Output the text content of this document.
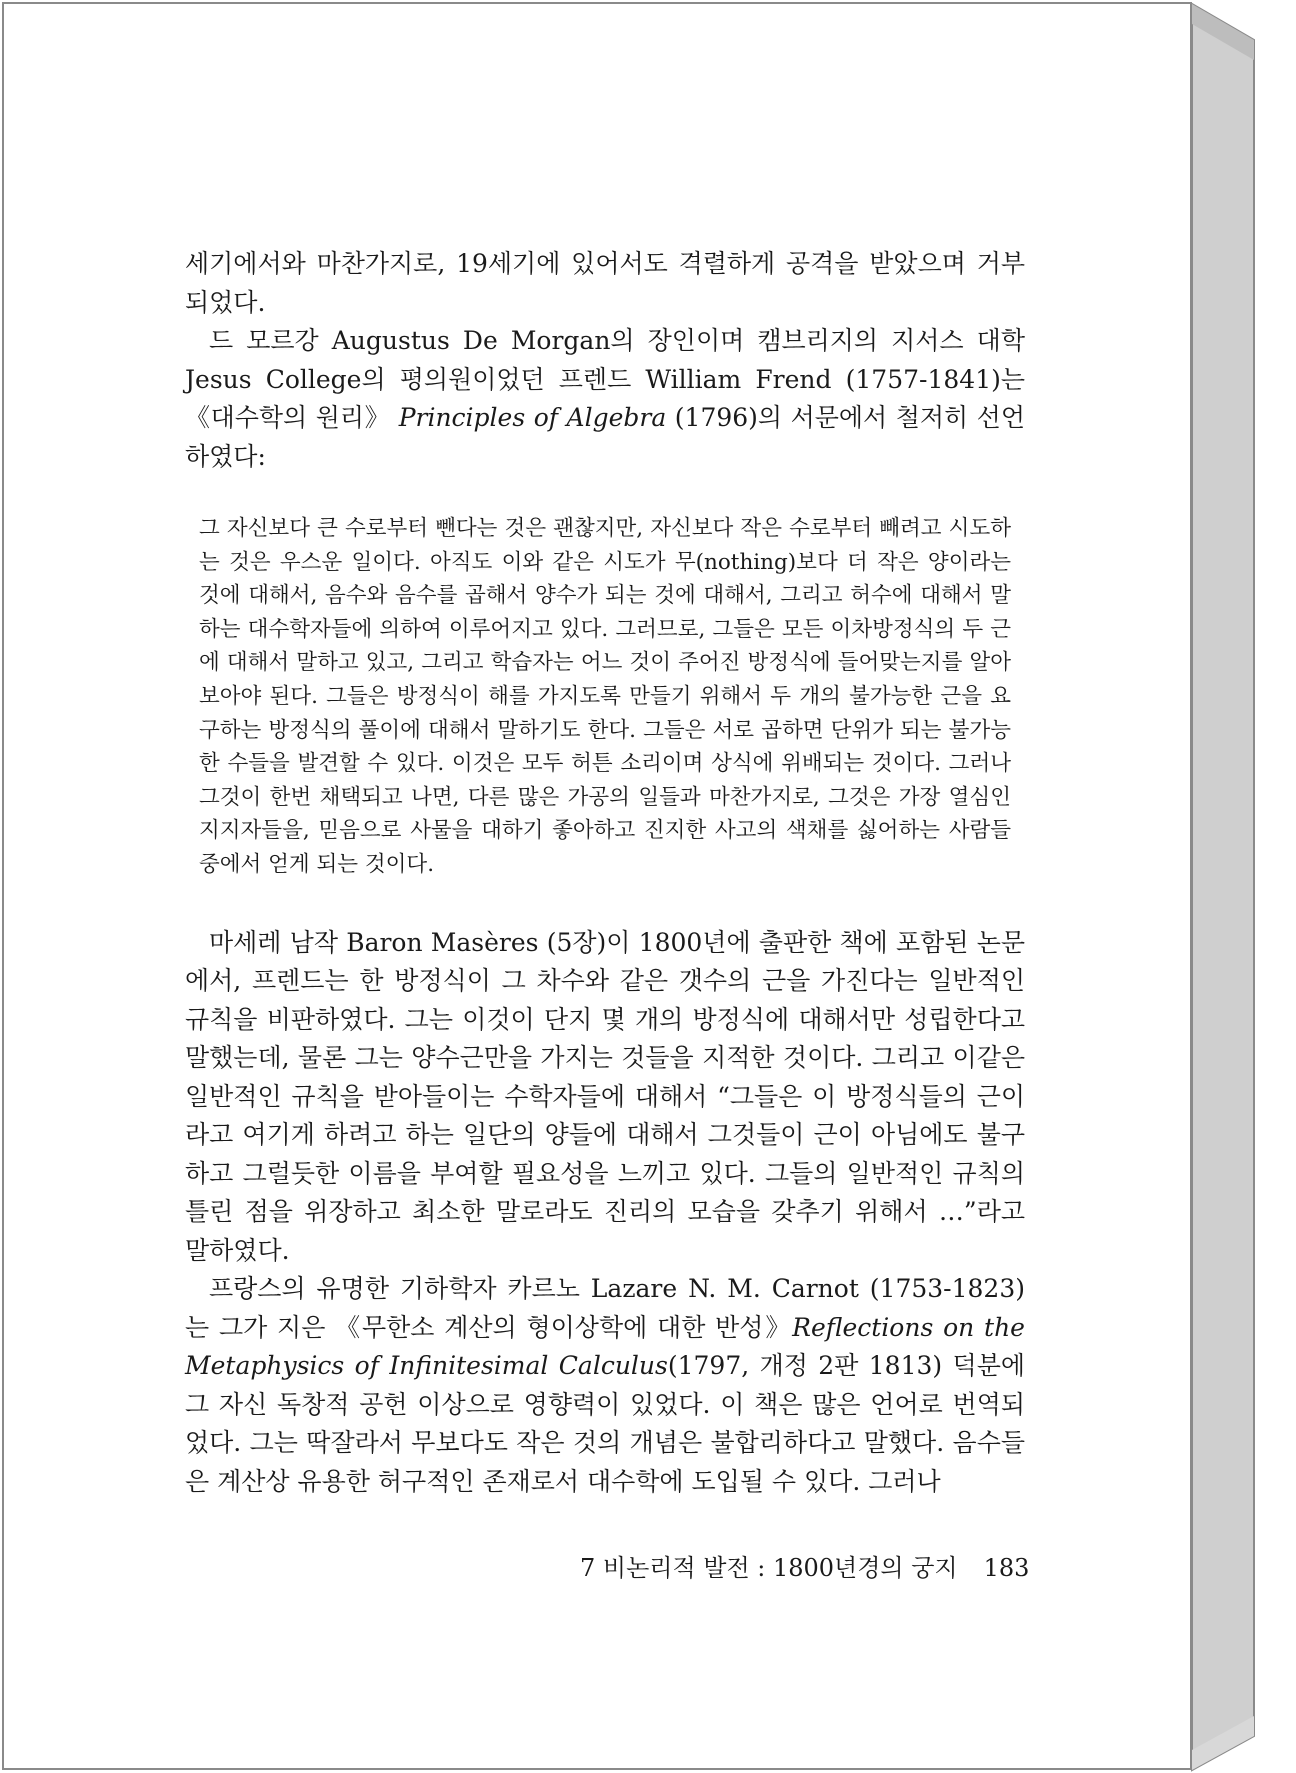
세기에서와 마찬가지로, 19세기에 있어서도 격렬하게 공격을 받았으며 거부되었다.

드 모르강 Augustus De Morgan의 장인이며 캠브리지의 지서스 대학 Jesus College의 평의원이었던 프렌드 William Frend (1757-1841)는 《대수학의 원리》 Principles of Algebra (1796)의 서문에서 철저히 선언하였다:

그 자신보다 큰 수로부터 뺀다는 것은 괜찮지만, 자신보다 작은 수로부터 빼려고 시도하는 것은 우스운 일이다. 아직도 이와 같은 시도가 무(nothing)보다 더 작은 양이라는 것에 대해서, 음수와 음수를 곱해서 양수가 되는 것에 대해서, 그리고 허수에 대해서 말하는 대수학자들에 의하여 이루어지고 있다. 그러므로, 그들은 모든 이차방정식의 두 근에 대해서 말하고 있고, 그리고 학습자는 어느 것이 주어진 방정식에 들어맞는지를 알아 보아야 된다. 그들은 방정식이 해를 가지도록 만들기 위해서 두 개의 불가능한 근을 요구하는 방정식의 풀이에 대해서 말하기도 한다. 그들은 서로 곱하면 단위가 되는 불가능한 수들을 발견할 수 있다. 이것은 모두 허튼 소리이며 상식에 위배되는 것이다. 그러나 그것이 한번 채택되고 나면, 다른 많은 가공의 일들과 마찬가지로, 그것은 가장 열심인 지지자들을, 믿음으로 사물을 대하기 좋아하고 진지한 사고의 색채를 싫어하는 사람들 중에서 얻게 되는 것이다.

마세레 남작 Baron Masères (5장)이 1800년에 출판한 책에 포함된 논문에서, 프렌드는 한 방정식이 그 차수와 같은 갯수의 근을 가진다는 일반적인 규칙을 비판하였다. 그는 이것이 단지 몇 개의 방정식에 대해서만 성립한다고 말했는데, 물론 그는 양수근만을 가지는 것들을 지적한 것이다. 그리고 이같은 일반적인 규칙을 받아들이는 수학자들에 대해서 “그들은 이 방정식들의 근이라고 여기게 하려고 하는 일단의 양들에 대해서 그것들이 근이 아님에도 불구하고 그럴듯한 이름을 부여할 필요성을 느끼고 있다. 그들의 일반적인 규칙의 틀린 점을 위장하고 최소한 말로라도 진리의 모습을 갖추기 위해서 …”라고 말하였다.

프랑스의 유명한 기하학자 카르노 Lazare N. M. Carnot (1753-1823)는 그가 지은 《무한소 계산의 형이상학에 대한 반성》Reflections on the Metaphysics of Infinitesimal Calculus(1797, 개정 2판 1813) 덕분에 그 자신 독창적 공헌 이상으로 영향력이 있었다. 이 책은 많은 언어로 번역되었다. 그는 딱잘라서 무보다도 작은 것의 개념은 불합리하다고 말했다. 음수들은 계산상 유용한 허구적인 존재로서 대수학에 도입될 수 있다. 그러나

7 비논리적 발전 : 1800년경의 궁지 183
